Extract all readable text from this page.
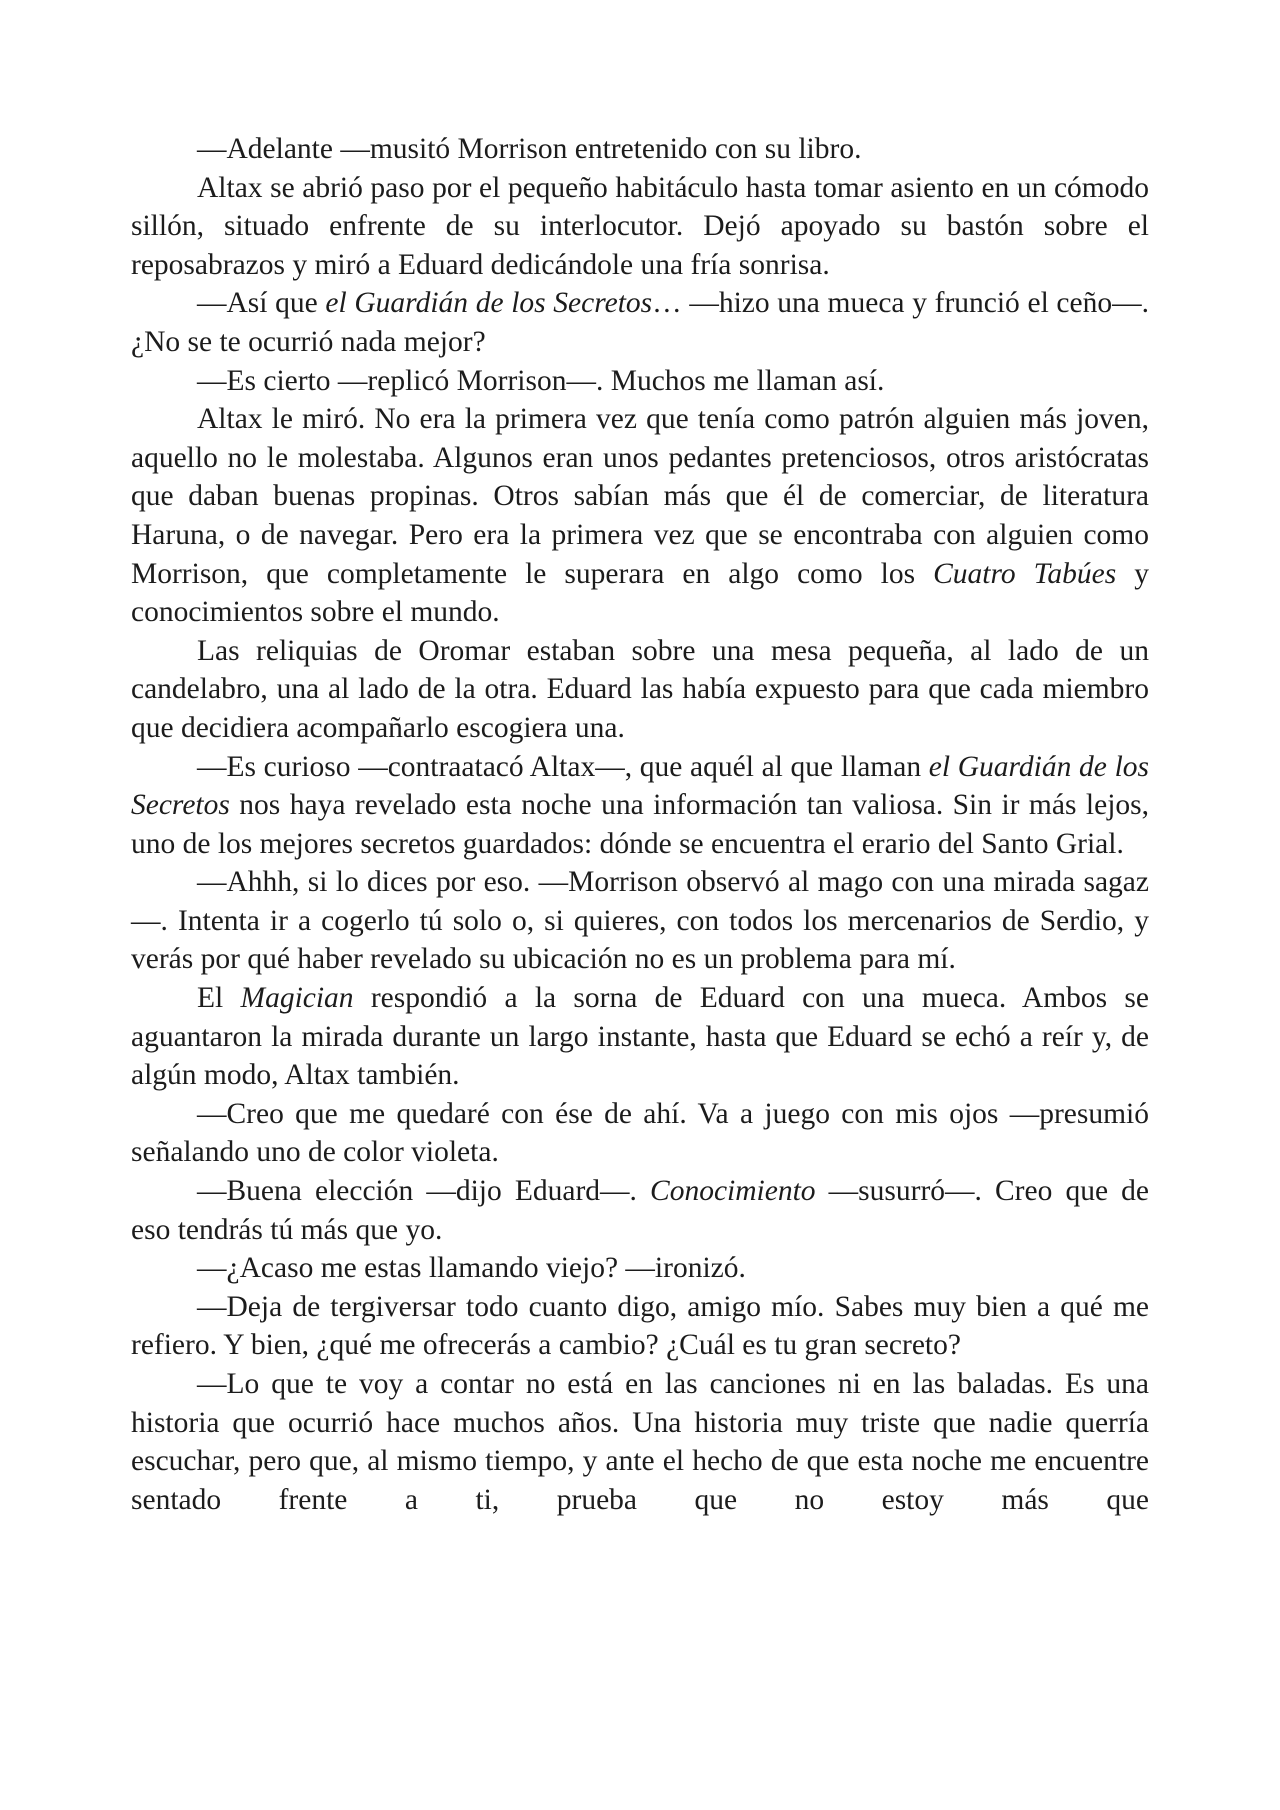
—Adelante —musitó Morrison entretenido con su libro.

Altax se abrió paso por el pequeño habitáculo hasta tomar asiento en un cómodo sillón, situado enfrente de su interlocutor. Dejó apoyado su bastón sobre el reposabrazos y miró a Eduard dedicándole una fría sonrisa.

—Así que el Guardián de los Secretos… —hizo una mueca y frunció el ceño—. ¿No se te ocurrió nada mejor?

—Es cierto —replicó Morrison—. Muchos me llaman así.

Altax le miró. No era la primera vez que tenía como patrón alguien más joven, aquello no le molestaba. Algunos eran unos pedantes pretenciosos, otros aristócratas que daban buenas propinas. Otros sabían más que él de comerciar, de literatura Haruna, o de navegar. Pero era la primera vez que se encontraba con alguien como Morrison, que completamente le superara en algo como los Cuatro Tabúes y conocimientos sobre el mundo.

Las reliquias de Oromar estaban sobre una mesa pequeña, al lado de un candelabro, una al lado de la otra. Eduard las había expuesto para que cada miembro que decidiera acompañarlo escogiera una.

—Es curioso —contraatacó Altax—, que aquél al que llaman el Guardián de los Secretos nos haya revelado esta noche una información tan valiosa. Sin ir más lejos, uno de los mejores secretos guardados: dónde se encuentra el erario del Santo Grial.

—Ahhh, si lo dices por eso. —Morrison observó al mago con una mirada sagaz—. Intenta ir a cogerlo tú solo o, si quieres, con todos los mercenarios de Serdio, y verás por qué haber revelado su ubicación no es un problema para mí.

El Magician respondió a la sorna de Eduard con una mueca. Ambos se aguantaron la mirada durante un largo instante, hasta que Eduard se echó a reír y, de algún modo, Altax también.

—Creo que me quedaré con ése de ahí. Va a juego con mis ojos —presumió señalando uno de color violeta.

—Buena elección —dijo Eduard—. Conocimiento —susurró—. Creo que de eso tendrás tú más que yo.

—¿Acaso me estas llamando viejo? —ironizó.

—Deja de tergiversar todo cuanto digo, amigo mío. Sabes muy bien a qué me refiero. Y bien, ¿qué me ofrecerás a cambio? ¿Cuál es tu gran secreto?

—Lo que te voy a contar no está en las canciones ni en las baladas. Es una historia que ocurrió hace muchos años. Una historia muy triste que nadie querría escuchar, pero que, al mismo tiempo, y ante el hecho de que esta noche me encuentre sentado frente a ti, prueba que no estoy más que
